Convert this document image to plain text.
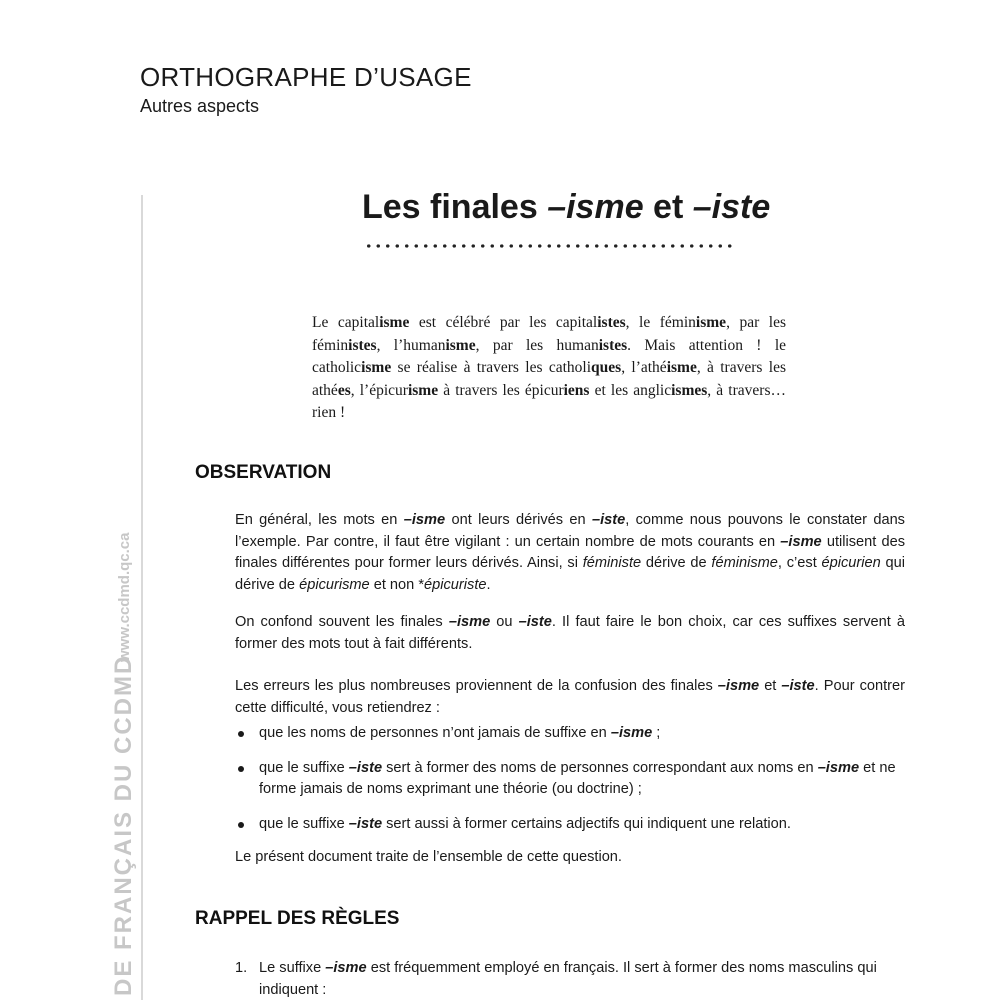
ORTHOGRAPHE D’USAGE
Autres aspects
DE FRANÇAIS DU CCDMD
www.ccdmd.qc.ca
Les finales –isme et –iste
Le capitalisme est célébré par les capitalistes, le féminisme, par les féministes, l’humanisme, par les humanistes. Mais attention ! le catholicisme se réalise à travers les catholiques, l’athéisme, à travers les athées, l’épicurisme à travers les épicuriens et les anglicismes, à travers… rien !
OBSERVATION

En général, les mots en –isme ont leurs dérivés en –iste, comme nous pouvons le constater dans l’exemple. Par contre, il faut être vigilant : un certain nombre de mots courants en –isme utilisent des finales différentes pour former leurs dérivés. Ainsi, si féministe dérive de féminisme, c’est épicurien qui dérive de épicurisme et non *épicuriste.

On confond souvent les finales –isme ou –iste. Il faut faire le bon choix, car ces suffixes servent à former des mots tout à fait différents.

Les erreurs les plus nombreuses proviennent de la confusion des finales –isme et –iste. Pour contrer cette difficulté, vous retiendrez :

que les noms de personnes n’ont jamais de suffixe en –isme ;
que le suffixe –iste sert à former des noms de personnes correspondant aux noms en –isme et ne forme jamais de noms exprimant une théorie (ou doctrine) ;
que le suffixe –iste sert aussi à former certains adjectifs qui indiquent une relation.

Le présent document traite de l’ensemble de cette question.

RAPPEL DES RÈGLES
1. Le suffixe –isme est fréquemment employé en français. Il sert à former des noms masculins qui indiquent :
